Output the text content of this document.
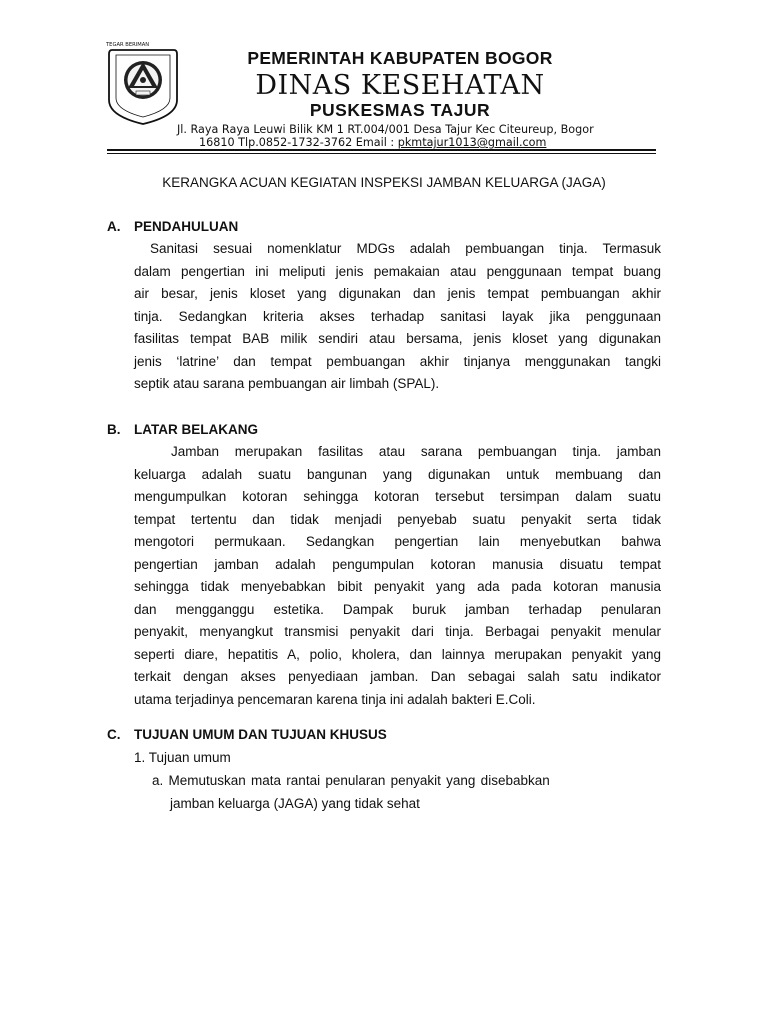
TEGAR BERIMAN
PEMERINTAH KABUPATEN BOGOR
DINAS KESEHATAN
PUSKESMAS TAJUR
Jl. Raya Raya Leuwi Bilik KM 1 RT.004/001 Desa Tajur Kec Citeureup, Bogor
16810 Tlp.0852-1732-3762 Email : pkmtajur1013@gmail.com
KERANGKA ACUAN KEGIATAN INSPEKSI JAMBAN KELUARGA (JAGA)
A. PENDAHULUAN
Sanitasi sesuai nomenklatur MDGs adalah pembuangan tinja. Termasuk
dalam pengertian ini meliputi jenis pemakaian atau penggunaan tempat buang
air besar, jenis kloset yang digunakan dan jenis tempat pembuangan akhir
tinja. Sedangkan kriteria akses terhadap sanitasi layak jika penggunaan
fasilitas tempat BAB milik sendiri atau bersama, jenis kloset yang digunakan
jenis ‘latrine’ dan tempat pembuangan akhir tinjanya menggunakan tangki
septik atau sarana pembuangan air limbah (SPAL).
B. LATAR BELAKANG
Jamban merupakan fasilitas atau sarana pembuangan tinja. jamban
keluarga adalah suatu bangunan yang digunakan untuk membuang dan
mengumpulkan kotoran sehingga kotoran tersebut tersimpan dalam suatu
tempat tertentu dan tidak menjadi penyebab suatu penyakit serta tidak
mengotori permukaan. Sedangkan pengertian lain menyebutkan bahwa
pengertian jamban adalah pengumpulan kotoran manusia disuatu tempat
sehingga tidak menyebabkan bibit penyakit yang ada pada kotoran manusia
dan mengganggu estetika. Dampak buruk jamban terhadap penularan
penyakit, menyangkut transmisi penyakit dari tinja. Berbagai penyakit menular
seperti diare, hepatitis A, polio, kholera, dan lainnya merupakan penyakit yang
terkait dengan akses penyediaan jamban. Dan sebagai salah satu indikator
utama terjadinya pencemaran karena tinja ini adalah bakteri E.Coli.
C. TUJUAN UMUM DAN TUJUAN KHUSUS
1. Tujuan umum
a. Memutuskan mata rantai penularan penyakit yang disebabkan
jamban keluarga (JAGA) yang tidak sehat
